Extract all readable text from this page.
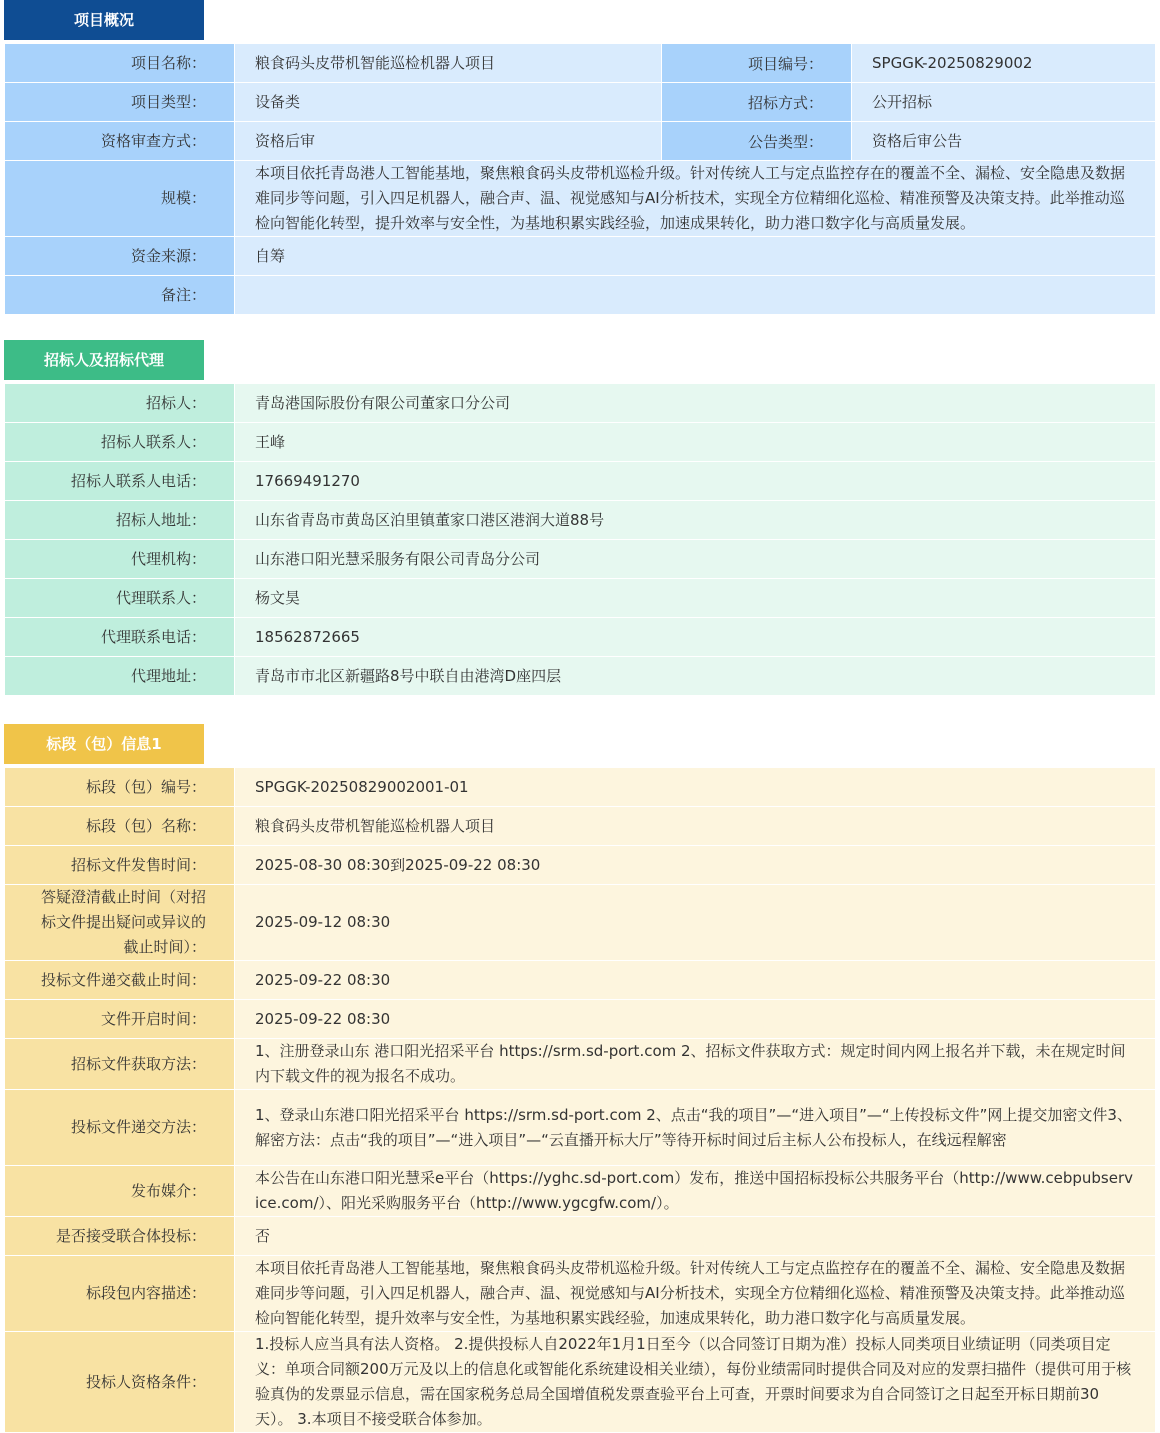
项目概况
项目名称：	粮食码头皮带机智能巡检机器人项目	项目编号：	SPGGK-20250829002
项目类型：	设备类	招标方式：	公开招标
资格审查方式：	资格后审	公告类型：	资格后审公告
规模：	本项目依托青岛港人工智能基地，聚焦粮食码头皮带机巡检升级。针对传统人工与定点监控存在的覆盖不全、漏检、安全隐患及数据难同步等问题，引入四足机器人，融合声、温、视觉感知与AI分析技术，实现全方位精细化巡检、精准预警及决策支持。此举推动巡检向智能化转型，提升效率与安全性，为基地积累实践经验，加速成果转化，助力港口数字化与高质量发展。		
资金来源：	自筹		
备注：			
招标人及招标代理
招标人：	青岛港国际股份有限公司董家口分公司
招标人联系人：	王峰
招标人联系人电话：	17669491270
招标人地址：	山东省青岛市黄岛区泊里镇董家口港区港润大道88号
代理机构：	山东港口阳光慧采服务有限公司青岛分公司
代理联系人：	杨文昊
代理联系电话：	18562872665
代理地址：	青岛市市北区新疆路8号中联自由港湾D座四层
标段（包）信息1
标段（包）编号：	SPGGK-20250829002001-01
标段（包）名称：	粮食码头皮带机智能巡检机器人项目
招标文件发售时间：	2025-08-30 08:30到2025-09-22 08:30
答疑澄清截止时间（对招标文件提出疑问或异议的截止时间）：	2025-09-12 08:30
投标文件递交截止时间：	2025-09-22 08:30
文件开启时间：	2025-09-22 08:30
招标文件获取方法：	1、注册登录山东 港口阳光招采平台 https://srm.sd-port.com 2、招标文件获取方式：规定时间内网上报名并下载，未在规定时间内下载文件的视为报名不成功。
投标文件递交方法：	1、登录山东港口阳光招采平台 https://srm.sd-port.com 2、点击“我的项目”—“进入项目”—“上传投标文件”网上提交加密文件3、解密方法：点击“我的项目”—“进入项目”—“云直播开标大厅”等待开标时间过后主标人公布投标人，在线远程解密
发布媒介：	本公告在山东港口阳光慧采e平台（https://yghc.sd-port.com）发布，推送中国招标投标公共服务平台（http://www.cebpubservice.com/）、阳光采购服务平台（http://www.ygcgfw.com/）。
是否接受联合体投标：	否
标段包内容描述：	本项目依托青岛港人工智能基地，聚焦粮食码头皮带机巡检升级。针对传统人工与定点监控存在的覆盖不全、漏检、安全隐患及数据难同步等问题，引入四足机器人，融合声、温、视觉感知与AI分析技术，实现全方位精细化巡检、精准预警及决策支持。此举推动巡检向智能化转型，提升效率与安全性，为基地积累实践经验，加速成果转化，助力港口数字化与高质量发展。
投标人资格条件：	1.投标人应当具有法人资格。 2.提供投标人自2022年1月1日至今（以合同签订日期为准）投标人同类项目业绩证明（同类项目定义：单项合同额200万元及以上的信息化或智能化系统建设相关业绩），每份业绩需同时提供合同及对应的发票扫描件（提供可用于核验真伪的发票显示信息，需在国家税务总局全国增值税发票查验平台上可查，开票时间要求为自合同签订之日起至开标日期前30天）。 3.本项目不接受联合体参加。
